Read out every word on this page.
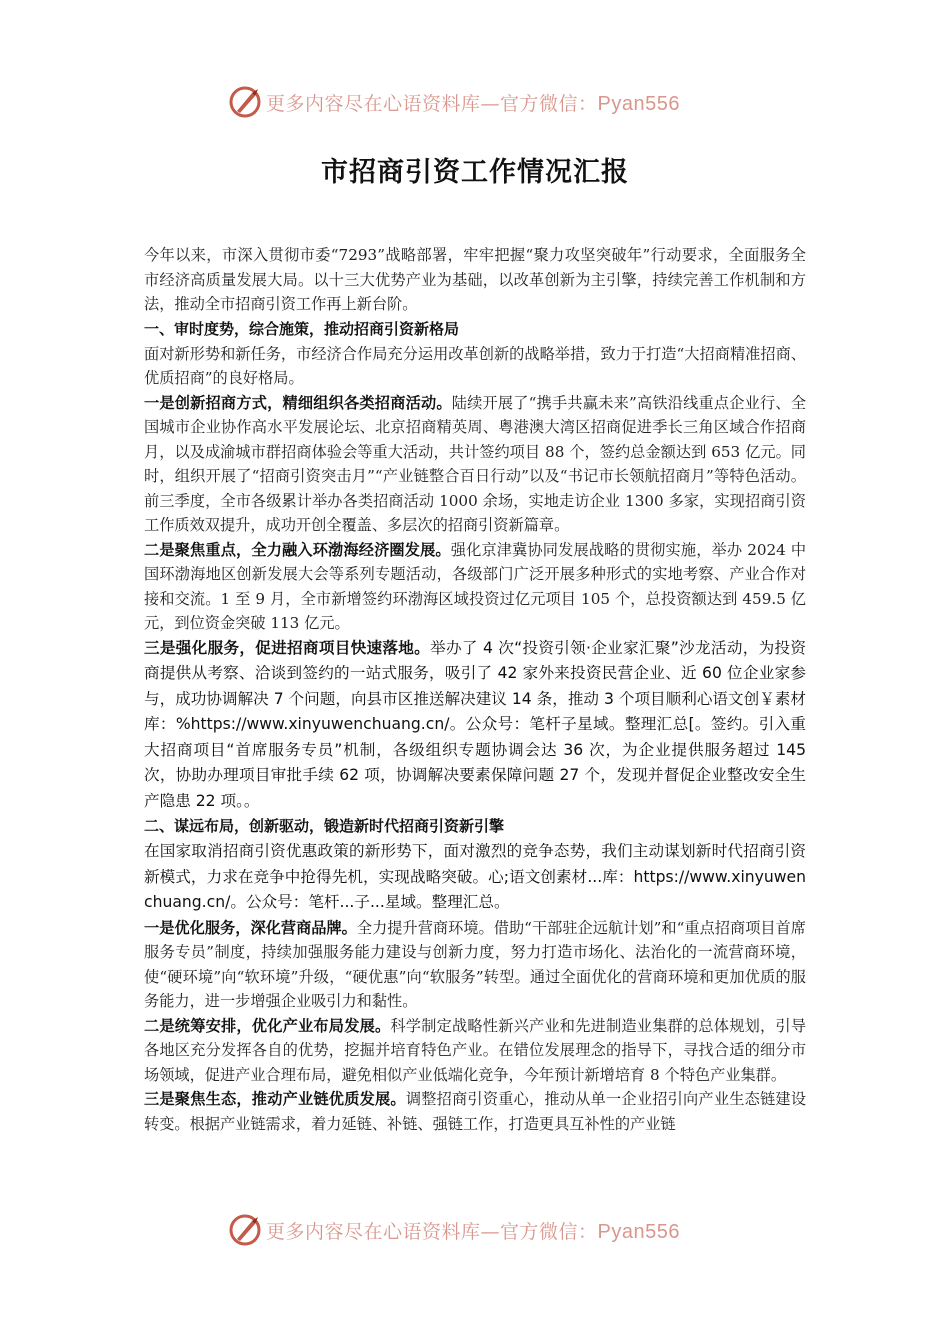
更多内容尽在心语资料库—官方微信：Pyan556
市招商引资工作情况汇报

今年以来，市深入贯彻市委“7293”战略部署，牢牢把握“聚力攻坚突破年”行动要求，全面服务全市经济高质量发展大局。以十三大优势产业为基础，以改革创新为主引擎，持续完善工作机制和方法，推动全市招商引资工作再上新台阶。

一、审时度势，综合施策，推动招商引资新格局

面对新形势和新任务，市经济合作局充分运用改革创新的战略举措，致力于打造“大招商精准招商、优质招商”的良好格局。

一是创新招商方式，精细组织各类招商活动。陆续开展了“携手共赢未来”高铁沿线重点企业行、全国城市企业协作高水平发展论坛、北京招商精英周、粤港澳大湾区招商促进季长三角区域合作招商月，以及成渝城市群招商体验会等重大活动，共计签约项目 88 个，签约总金额达到 653 亿元。同时，组织开展了“招商引资突击月”“产业链整合百日行动”以及“书记市长领航招商月”等特色活动。前三季度，全市各级累计举办各类招商活动 1000 余场，实地走访企业 1300 多家，实现招商引资工作质效双提升，成功开创全覆盖、多层次的招商引资新篇章。

二是聚焦重点，全力融入环渤海经济圈发展。强化京津冀协同发展战略的贯彻实施，举办 2024 中国环渤海地区创新发展大会等系列专题活动，各级部门广泛开展多种形式的实地考察、产业合作对接和交流。1 至 9 月，全市新增签约环渤海区域投资过亿元项目 105 个，总投资额达到 459.5 亿元，到位资金突破 113 亿元。

三是强化服务，促进招商项目快速落地。举办了 4 次“投资引领·企业家汇聚”沙龙活动，为投资商提供从考察、洽谈到签约的一站式服务，吸引了 42 家外来投资民营企业、近 60 位企业家参与，成功协调解决 7 个问题，向县市区推送解决建议 14 条，推动 3 个项目顺利心语文创￥素材库：%https://www.xinyuwenchuang.cn/。公众号：笔杆子星域。整理汇总[。签约。引入重大招商项目“首席服务专员”机制，各级组织专题协调会达 36 次，为企业提供服务超过 145 次，协助办理项目审批手续 62 项，协调解决要素保障问题 27 个，发现并督促企业整改安全生产隐患 22 项。。

二、谋远布局，创新驱动，锻造新时代招商引资新引擎

在国家取消招商引资优惠政策的新形势下，面对激烈的竞争态势，我们主动谋划新时代招商引资新模式，力求在竞争中抢得先机，实现战略突破。心;语文创素材...库：https://www.xinyuwenchuang.cn/。公众号：笔杆...子...星域。整理汇总。

一是优化服务，深化营商品牌。全力提升营商环境。借助“干部驻企远航计划”和“重点招商项目首席服务专员”制度，持续加强服务能力建设与创新力度，努力打造市场化、法治化的一流营商环境，使“硬环境”向“软环境”升级，“硬优惠”向“软服务”转型。通过全面优化的营商环境和更加优质的服务能力，进一步增强企业吸引力和黏性。

二是统筹安排，优化产业布局发展。科学制定战略性新兴产业和先进制造业集群的总体规划，引导各地区充分发挥各自的优势，挖掘并培育特色产业。在错位发展理念的指导下，寻找合适的细分市场领域，促进产业合理布局，避免相似产业低端化竞争，今年预计新增培育 8 个特色产业集群。

三是聚焦生态，推动产业链优质发展。调整招商引资重心，推动从单一企业招引向产业生态链建设转变。根据产业链需求，着力延链、补链、强链工作，打造更具互补性的产业链

更多内容尽在心语资料库—官方微信：Pyan556
